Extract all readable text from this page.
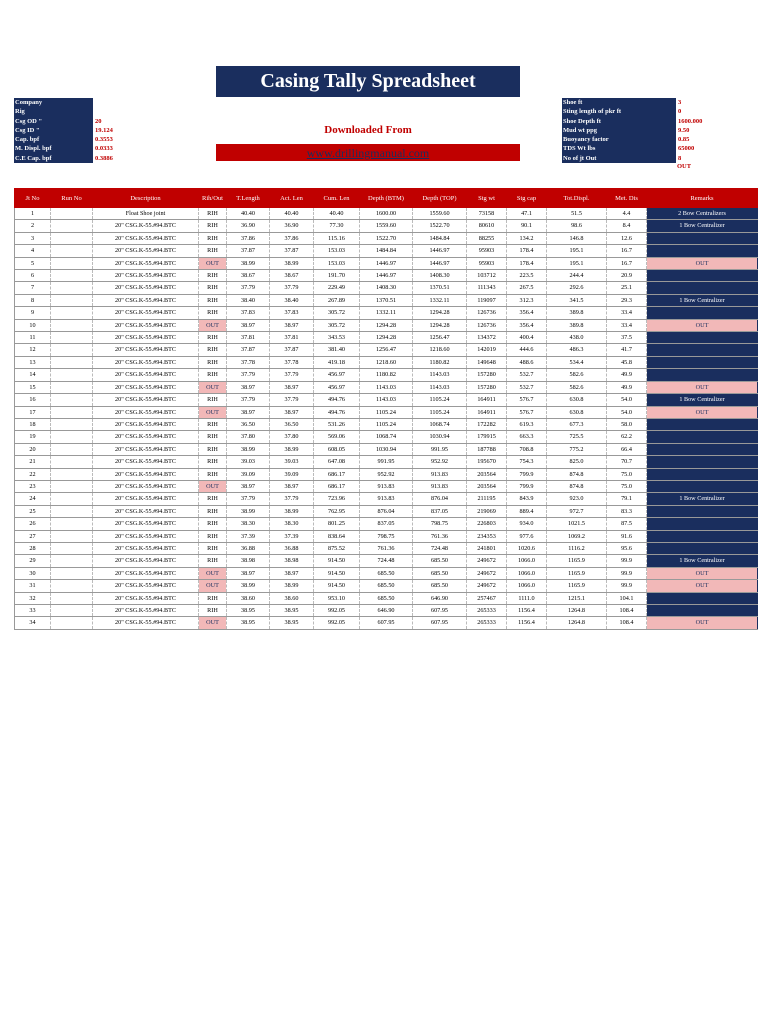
Casing Tally Spreadsheet
Company
Rig
Csg OD "	20
Csg ID "	19.124
Cap. bpf	0.3553
M. Displ. bpf	0.0333
C.E Cap. bpf	0.3886
Shoe ft	3
Sting length of pkr ft	0
Shoe Depth ft	1600.000
Mud wt ppg	9.50
Buoyancy factor	0.85
TDS Wt lbs	65000
No of jt Out	8
OUT
Downloaded From
www.drillingmanual.com
Jt No	Run No	Description	Rih/Out	T.Length	Act. Len	Cum. Len	Depth (BTM)	Depth (TOP)	Stg wt	Stg cap	Tot.Displ.	Met. Dis	Remarks
1		Float Shoe joint	RIH	40.40	40.40	40.40	1600.00	1559.60	73158	47.1	51.5	4.4	2 Bow Centralizers
2		20" CSG.K-55.#94.BTC	RIH	36.90	36.90	77.30	1559.60	1522.70	80610	90.1	98.6	8.4	1 Bow Centralizer
3		20" CSG.K-55.#94.BTC	RIH	37.86	37.86	115.16	1522.70	1484.84	88255	134.2	146.8	12.6	
4		20" CSG.K-55.#94.BTC	RIH	37.87	37.87	153.03	1484.84	1446.97	95903	178.4	195.1	16.7	
5		20" CSG.K-55.#94.BTC	OUT	38.99	38.99	153.03	1446.97	1446.97	95903	178.4	195.1	16.7	OUT
6		20" CSG.K-55.#94.BTC	RIH	38.67	38.67	191.70	1446.97	1408.30	103712	223.5	244.4	20.9	
7		20" CSG.K-55.#94.BTC	RIH	37.79	37.79	229.49	1408.30	1370.51	111343	267.5	292.6	25.1	
8		20" CSG.K-55.#94.BTC	RIH	38.40	38.40	267.89	1370.51	1332.11	119097	312.3	341.5	29.3	1 Bow Centralizer
9		20" CSG.K-55.#94.BTC	RIH	37.83	37.83	305.72	1332.11	1294.28	126736	356.4	389.8	33.4	
10		20" CSG.K-55.#94.BTC	OUT	38.97	38.97	305.72	1294.28	1294.28	126736	356.4	389.8	33.4	OUT
11		20" CSG.K-55.#94.BTC	RIH	37.81	37.81	343.53	1294.28	1256.47	134372	400.4	438.0	37.5	
12		20" CSG.K-55.#94.BTC	RIH	37.87	37.87	381.40	1256.47	1218.60	142019	444.6	486.3	41.7	
13		20" CSG.K-55.#94.BTC	RIH	37.78	37.78	419.18	1218.60	1180.82	149648	488.6	534.4	45.8	
14		20" CSG.K-55.#94.BTC	RIH	37.79	37.79	456.97	1180.82	1143.03	157280	532.7	582.6	49.9	
15		20" CSG.K-55.#94.BTC	OUT	38.97	38.97	456.97	1143.03	1143.03	157280	532.7	582.6	49.9	OUT
16		20" CSG.K-55.#94.BTC	RIH	37.79	37.79	494.76	1143.03	1105.24	164911	576.7	630.8	54.0	1 Bow Centralizer
17		20" CSG.K-55.#94.BTC	OUT	38.97	38.97	494.76	1105.24	1105.24	164911	576.7	630.8	54.0	OUT
18		20" CSG.K-55.#94.BTC	RIH	36.50	36.50	531.26	1105.24	1068.74	172282	619.3	677.3	58.0	
19		20" CSG.K-55.#94.BTC	RIH	37.80	37.80	569.06	1068.74	1030.94	179915	663.3	725.5	62.2	
20		20" CSG.K-55.#94.BTC	RIH	38.99	38.99	608.05	1030.94	991.95	187788	708.8	775.2	66.4	
21		20" CSG.K-55.#94.BTC	RIH	39.03	39.03	647.08	991.95	952.92	195670	754.3	825.0	70.7	
22		20" CSG.K-55.#94.BTC	RIH	39.09	39.09	686.17	952.92	913.83	203564	799.9	874.8	75.0	
23		20" CSG.K-55.#94.BTC	OUT	38.97	38.97	686.17	913.83	913.83	203564	799.9	874.8	75.0	
24		20" CSG.K-55.#94.BTC	RIH	37.79	37.79	723.96	913.83	876.04	211195	843.9	923.0	79.1	1 Bow Centralizer
25		20" CSG.K-55.#94.BTC	RIH	38.99	38.99	762.95	876.04	837.05	219069	889.4	972.7	83.3	
26		20" CSG.K-55.#94.BTC	RIH	38.30	38.30	801.25	837.05	798.75	226803	934.0	1021.5	87.5	
27		20" CSG.K-55.#94.BTC	RIH	37.39	37.39	838.64	798.75	761.36	234353	977.6	1069.2	91.6	
28		20" CSG.K-55.#94.BTC	RIH	36.88	36.88	875.52	761.36	724.48	241801	1020.6	1116.2	95.6	
29		20" CSG.K-55.#94.BTC	RIH	38.98	38.98	914.50	724.48	685.50	249672	1066.0	1165.9	99.9	1 Bow Centralizer
30		20" CSG.K-55.#94.BTC	OUT	38.97	38.97	914.50	685.50	685.50	249672	1066.0	1165.9	99.9	OUT
31		20" CSG.K-55.#94.BTC	OUT	38.99	38.99	914.50	685.50	685.50	249672	1066.0	1165.9	99.9	OUT
32		20" CSG.K-55.#94.BTC	RIH	38.60	38.60	953.10	685.50	646.90	257467	1111.0	1215.1	104.1	
33		20" CSG.K-55.#94.BTC	RIH	38.95	38.95	992.05	646.90	607.95	265333	1156.4	1264.8	108.4	
34		20" CSG.K-55.#94.BTC	OUT	38.95	38.95	992.05	607.95	607.95	265333	1156.4	1264.8	108.4	OUT
